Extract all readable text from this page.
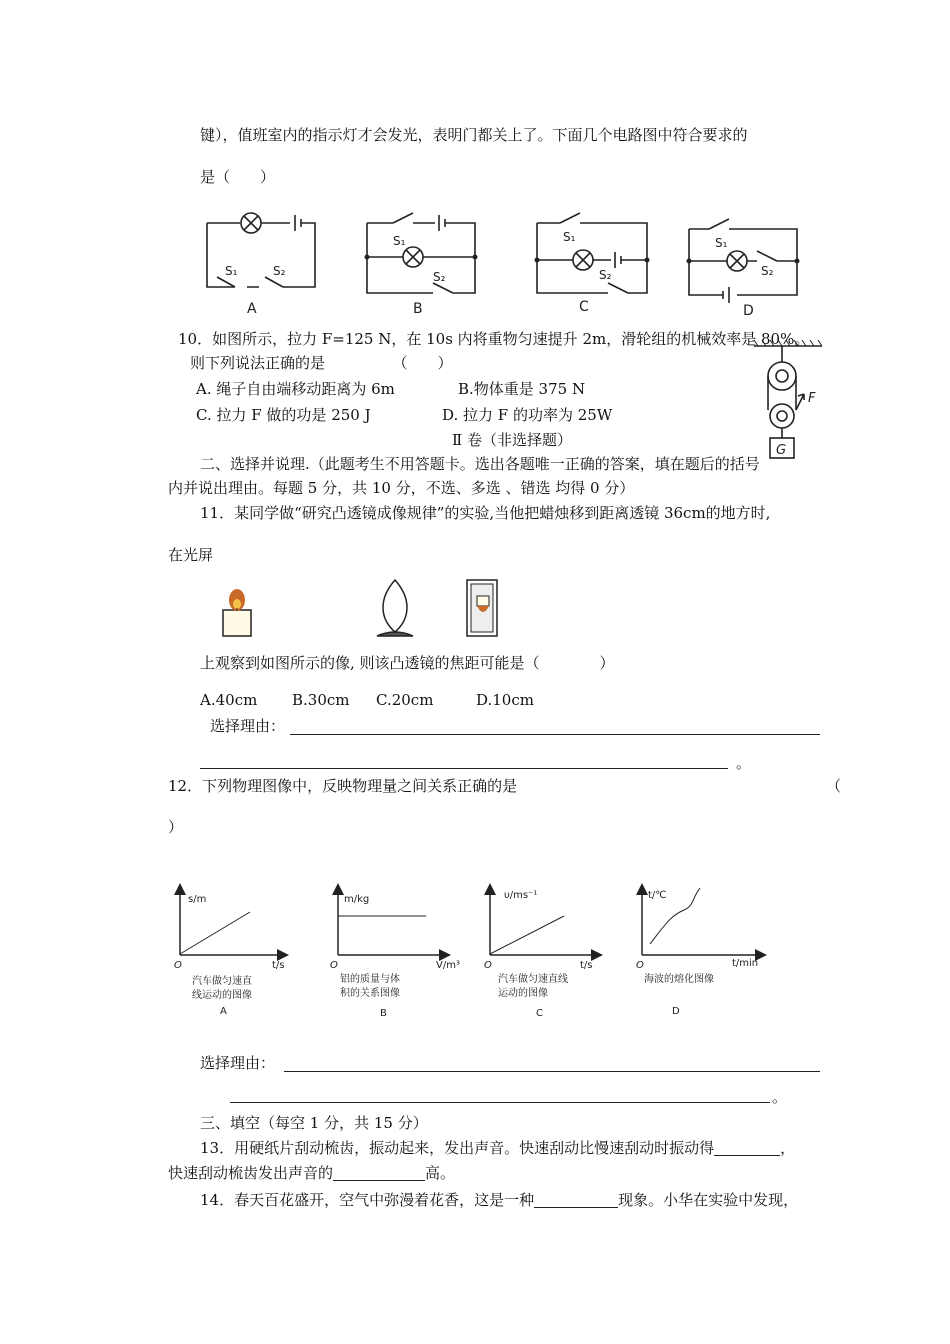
键），值班室内的指示灯才会发光，表明门都关上了。下面几个电路图中符合要求的
是（　　）
S₁	S₂
S₁
S₂
S₁
S₂
S₁
S₂
A	B	C	D
10．如图所示，拉力 F=125 N，在 10s 内将重物匀速提升 2m，滑轮组的机械效率是 80%。
则下列说法正确的是　　　　　（　　）
A. 绳子自由端移动距离为 6m	B.物体重是 375 N
C. 拉力 F 做的功是 250 J	D. 拉力 F 的功率为 25W
F
G
Ⅱ 卷（非选择题）
二、选择并说理.（此题考生不用答题卡。选出各题唯一正确的答案，填在题后的括号
内并说出理由。每题 5 分，共 10 分，不选、多选 、错选 均得 0 分）
11．某同学做“研究凸透镜成像规律”的实验,当他把蜡烛移到距离透镜 36cm的地方时,
在光屏
上观察到如图所示的像, 则该凸透镜的焦距可能是（　　　　）
A.40cm B.30cm C.20cm	D.10cm
选择理由：
。
12．下列物理图像中，反映物理量之间关系正确的是	（
）
s/m
t/s
O
汽车做匀速直
线运动的图像
A
m/kg
V/m³
O
铝的质量与体
积的关系图像
B
υ/ms⁻¹
t/s
O
汽车做匀速直线
运动的图像
C
t/℃
t/min
O
海波的熔化图像
D
选择理由：
。
三、填空（每空 1 分，共 15 分）
13．用硬纸片刮动梳齿，振动起来，发出声音。快速刮动比慢速刮动时振动得	，
快速刮动梳齿发出声音的	高。
14．春天百花盛开，空气中弥漫着花香，这是一种	现象。小华在实验中发现，
